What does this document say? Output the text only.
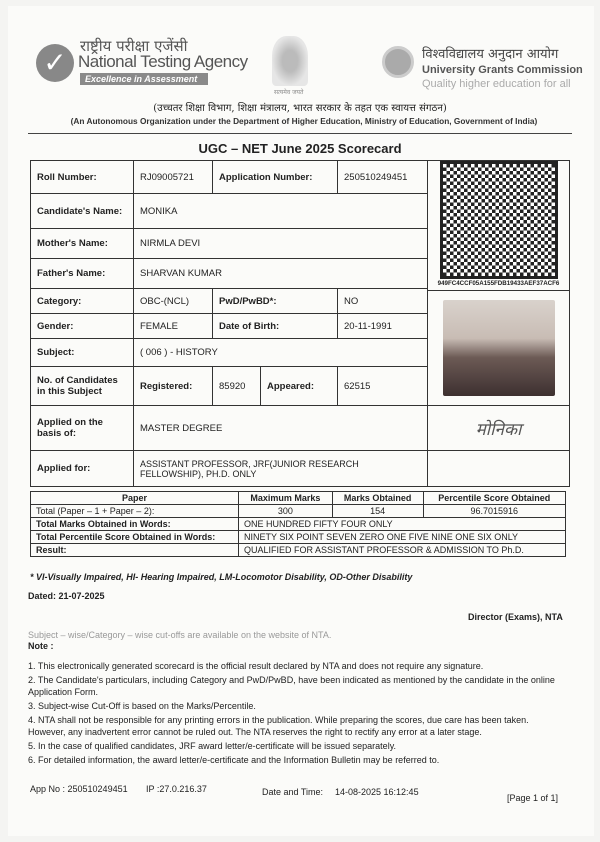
✓
राष्ट्रीय परीक्षा एजेंसी
National Testing Agency
Excellence in Assessment
सत्यमेव जयते
विश्वविद्यालय अनुदान आयोग
University Grants Commission
Quality higher education for all
(उच्चतर शिक्षा विभाग, शिक्षा मंत्रालय, भारत सरकार के तहत एक स्वायत्त संगठन)
(An Autonomous Organization under the Department of Higher Education, Ministry of Education, Government of India)
UGC – NET June 2025 Scorecard
Roll Number:	RJ09005721	Application Number:	250510249451
Candidate's Name:	MONIKA
Mother's Name:	NIRMLA DEVI
Father's Name:	SHARVAN KUMAR
Category:	OBC-(NCL)	PwD/PwBD*:	NO
Gender:	FEMALE	Date of Birth:	20-11-1991
Subject:	( 006 ) - HISTORY
No. of Candidates in this Subject	Registered:	85920	Appeared:	62515
Applied on the basis of:	MASTER DEGREE
Applied for:	ASSISTANT PROFESSOR, JRF(JUNIOR RESEARCH FELLOWSHIP), PH.D. ONLY
949FC4CCF05A155FDB19433AEF37ACF6
मोनिका
Paper	Maximum Marks	Marks Obtained	Percentile Score Obtained
Total (Paper – 1 + Paper – 2):	300	154	96.7015916
Total Marks Obtained in Words:	ONE HUNDRED FIFTY FOUR ONLY		
Total Percentile Score Obtained in Words:	NINETY SIX POINT SEVEN ZERO ONE FIVE NINE ONE SIX ONLY		
Result:	QUALIFIED FOR ASSISTANT PROFESSOR & ADMISSION TO Ph.D.		
* VI-Visually Impaired, HI- Hearing Impaired, LM-Locomotor Disability, OD-Other Disability
Dated: 21-07-2025
Director (Exams), NTA
Subject – wise/Category – wise cut-offs are available on the website of NTA.
Note :
1. This electronically generated scorecard is the official result declared by NTA and does not require any signature.
2. The Candidate's particulars, including Category and PwD/PwBD, have been indicated as mentioned by the candidate in the online Application Form.
3. Subject-wise Cut-Off is based on the Marks/Percentile.
4. NTA shall not be responsible for any printing errors in the publication. While preparing the scores, due care has been taken. However, any inadvertent error cannot be ruled out. The NTA reserves the right to rectify any error at a later stage.
5. In the case of qualified candidates, JRF award letter/e-certificate will be issued separately.
6. For detailed information, the award letter/e-certificate and the Information Bulletin may be referred to.
App No : 250510249451 IP :27.0.216.37	Date and Time: 14-08-2025 16:12:45
[Page 1 of 1]
